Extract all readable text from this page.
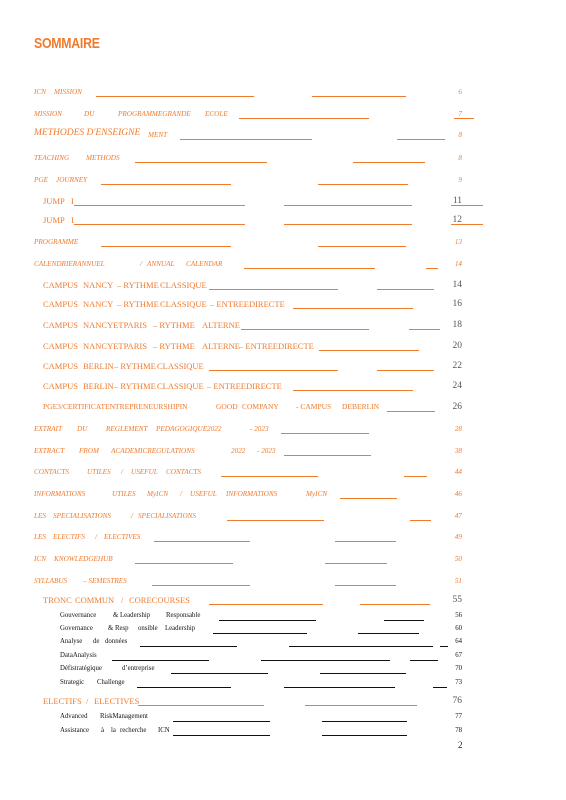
SOMMAIRE
ICN MISSION	6
MISSION	DU	PROGRAMMEGRANDE ECOLE	7
METHODES D'ENSEIGNE MENT	8
TEACHING METHODS	8
PGE JOURNEY	9
JUMP I	11
JUMP I	12
PROGRAMME	13
CALENDRIERANNUEL	/ ANNUAL CALENDAR	14
CAMPUS NANCY – RYTHME CLASSIQUE	14
CAMPUS NANCY – RYTHME CLASSIQUE – ENTREEDIRECTE	16
CAMPUS NANCYETPARIS – RYTHME ALTERNE	18
CAMPUS NANCYETPARIS – RYTHME ALTERNE – ENTREEDIRECTE	20
CAMPUS BERLIN – RYTHME CLASSIQUE	22
CAMPUS BERLIN – RYTHME CLASSIQUE – ENTREEDIRECTE	24
PGE3/CERTIFICATENTREPRENEURSHIPIN	GOOD COMPANY - CAMPUS DEBERLIN	26
EXTRAIT DU	REGLEMENT PEDAGOGIQUE2022	- 2023	28
EXTRACT FROM ACADEMICREGULATIONS	2022 - 2023	38
CONTACTS UTILES / USEFUL CONTACTS	44
INFORMATIONS	UTILES MyICN / USEFUL INFORMATIONS	MyICN	46
LES SPECIALISATIONS	/ SPECIALISATIONS	47
LES ELECTIFS / ELECTIVES	49
ICN KNOWLEDGEHUB	50
SYLLABUS – SEMESTRES	51
TRONC COMMUN / CORECOURSES	55
Gouvernance & Leadership Responsable	56
Governance & Resp onsible Leadership	60
Analyse de données	64
DataAnalysis	67
Défistratégique	d’entreprise	70
Strategic Challenge	73
ELECTIFS / ELECTIVES	76
Advanced RiskManagement	77
Assistance à la recherche ICN	78
2
